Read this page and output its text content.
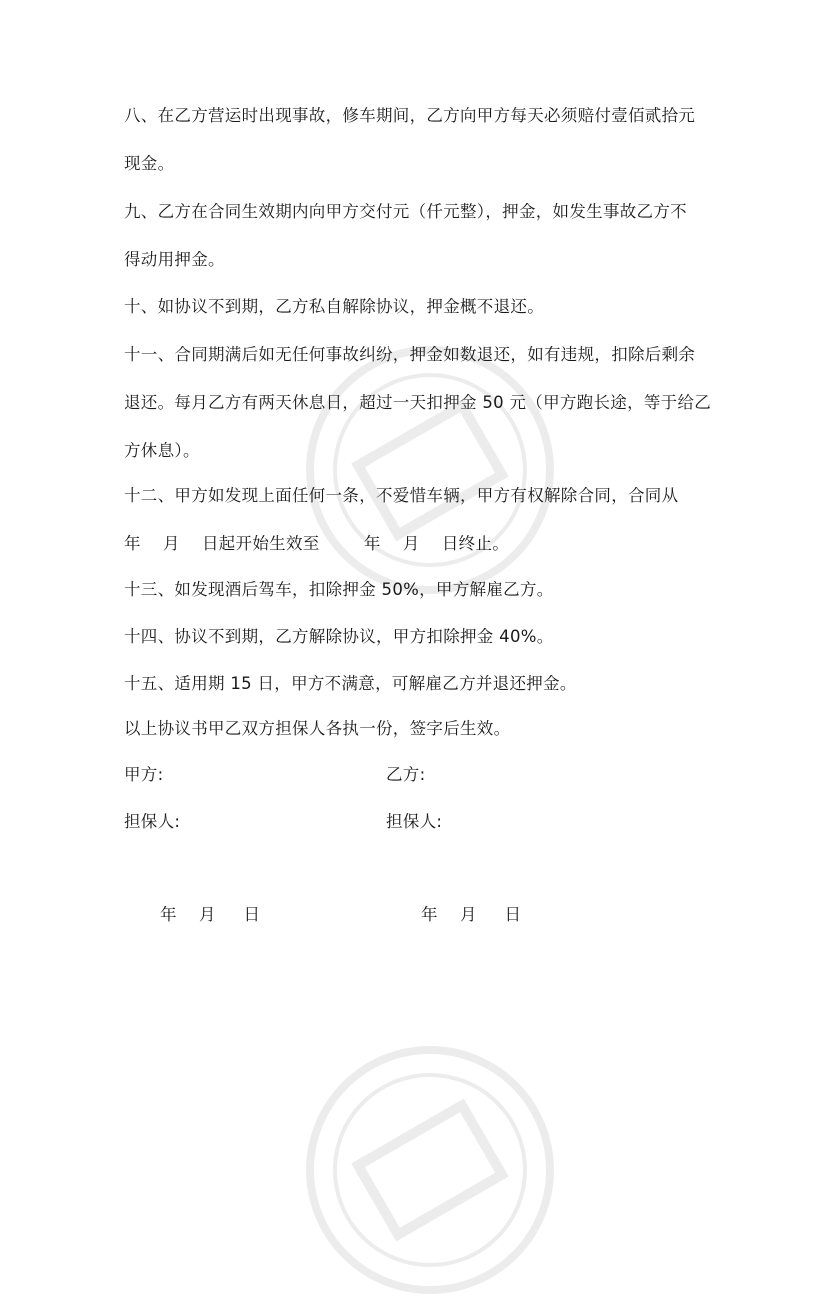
八、在乙方营运时出现事故，修车期间，乙方向甲方每天必须赔付壹佰贰拾元
现金。

九、乙方在合同生效期内向甲方交付元（仟元整），押金，如发生事故乙方不
得动用押金。

十、如协议不到期，乙方私自解除协议，押金概不退还。

十一、合同期满后如无任何事故纠纷，押金如数退还，如有违规，扣除后剩余
退还。每月乙方有两天休息日，超过一天扣押金 50 元（甲方跑长途，等于给乙
方休息）。

十二、甲方如发现上面任何一条，不爱惜车辆，甲方有权解除合同，合同从
年    月    日起开始生效至        年    月    日终止。

十三、如发现酒后驾车，扣除押金 50%，甲方解雇乙方。

十四、协议不到期，乙方解除协议，甲方扣除押金 40%。

十五、适用期 15 日，甲方不满意，可解雇乙方并退还押金。

以上协议书甲乙双方担保人各执一份，签字后生效。

甲方:	乙方:
担保人:	担保人:
年    月     日	年    月     日
